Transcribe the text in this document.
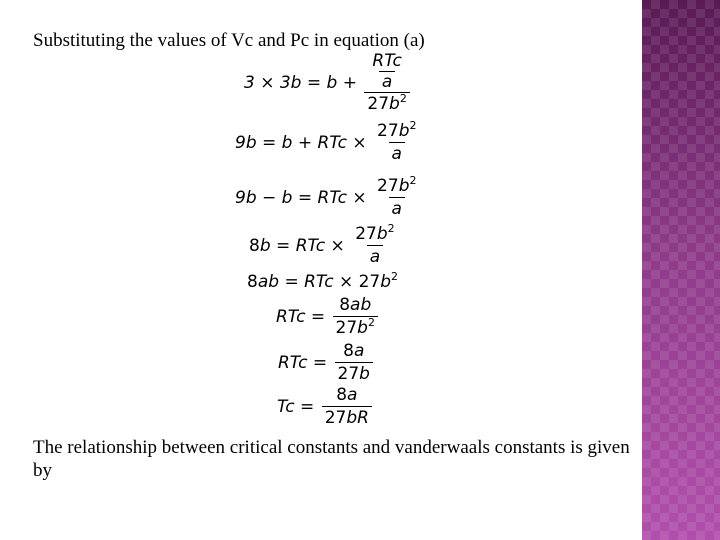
Substituting the values of Vc and Pc in equation (a)
$3 \times 3b = b + \frac{\frac{\text{RTc}}{a}}{27b^2}$
9b = b + RTc × $\frac{27b^2}{a}$
9b − b = RTc × $\frac{27b^2}{a}$
8b = RTc × $\frac{27b^2}{a}$
8ab = RTc × $27b^2$
RTc = $\frac{8ab}{27b^2}$
RTc = $\frac{8a}{27b}$
$Tc = \frac{8a}{27bR}$
The relationship between critical constants and vanderwaals constants is given by
